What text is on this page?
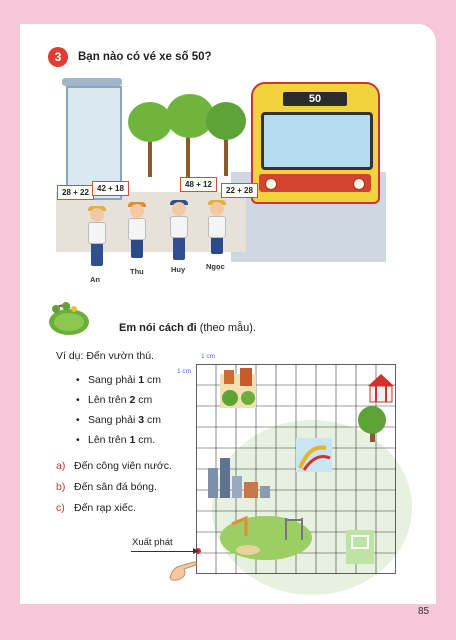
3	Bạn nào có vé xe số 50?
50
28 + 22	42 + 18	48 + 12
22 + 28
An
Thu	Huy	Ngọc
Em nói cách đi (theo mẫu).
Ví dụ: Đến vườn thú.
• Sang phải 1 cm
• Lên trên 2 cm
• Sang phải 3 cm
• Lên trên 1 cm.
a) Đến công viên nước.
b) Đến sân đá bóng.
c) Đến rạp xiếc.
1 cm
1 cm
Xuất phát
85
